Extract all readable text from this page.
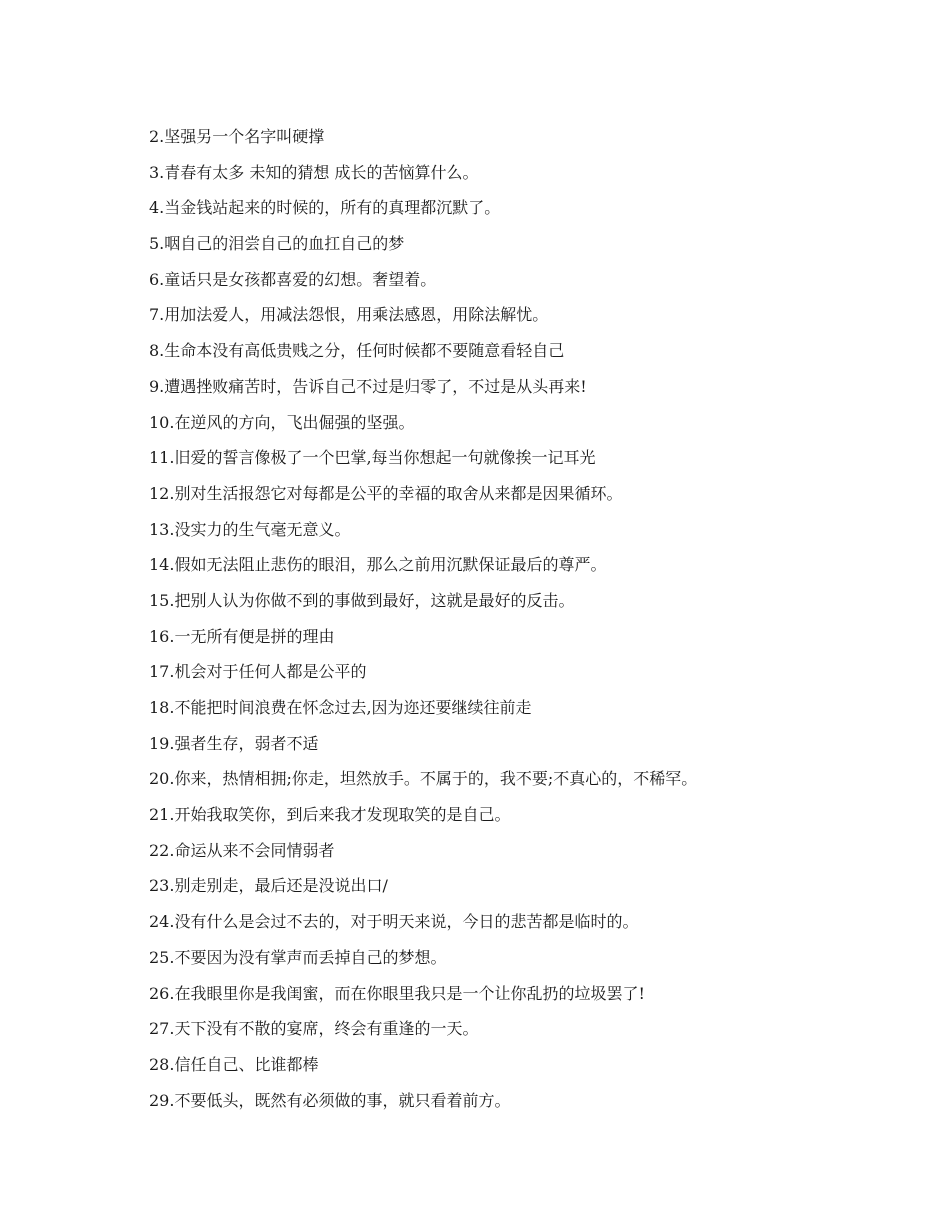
2.坚强另一个名字叫硬撑
3.青春有太多 未知的猜想 成长的苦恼算什么。
4.当金钱站起来的时候的，所有的真理都沉默了。
5.咽自己的泪尝自己的血扛自己的梦
6.童话只是女孩都喜爱的幻想。奢望着。
7.用加法爱人，用减法怨恨，用乘法感恩，用除法解忧。
8.生命本没有高低贵贱之分，任何时候都不要随意看轻自己
9.遭遇挫败痛苦时，告诉自己不过是归零了，不过是从头再来!
10.在逆风的方向，飞出倔强的坚强。
11.旧爱的誓言像极了一个巴掌,每当你想起一句就像挨一记耳光
12.别对生活报怨它对每都是公平的幸福的取舍从来都是因果循环。
13.没实力的生气毫无意义。
14.假如无法阻止悲伤的眼泪，那么之前用沉默保证最后的尊严。
15.把别人认为你做不到的事做到最好，这就是最好的反击。
16.一无所有便是拼的理由
17.机会对于任何人都是公平的
18.不能把时间浪费在怀念过去,因为迩还要继续往前走
19.强者生存，弱者不适
20.你来，热情相拥;你走，坦然放手。不属于的，我不要;不真心的，不稀罕。
21.开始我取笑你，到后来我才发现取笑的是自己。
22.命运从来不会同情弱者
23.别走别走，最后还是没说出口/
24.没有什么是会过不去的，对于明天来说，今日的悲苦都是临时的。
25.不要因为没有掌声而丢掉自己的梦想。
26.在我眼里你是我闺蜜，而在你眼里我只是一个让你乱扔的垃圾罢了!
27.天下没有不散的宴席，终会有重逢的一天。
28.信任自己、比谁都棒
29.不要低头，既然有必须做的事，就只看着前方。
